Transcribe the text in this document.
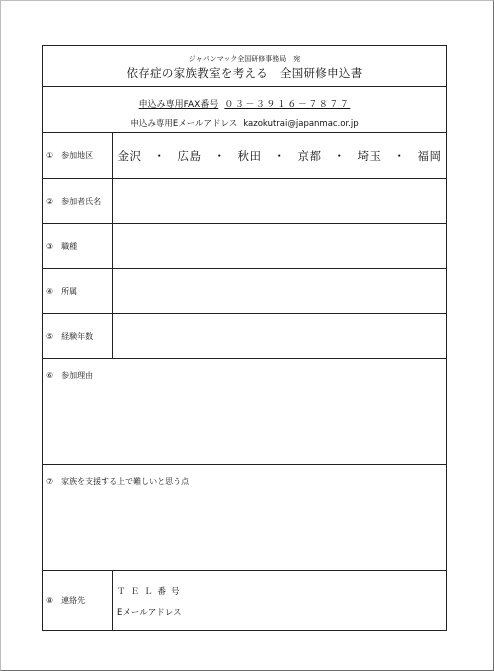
ジャパンマック全国研修事務局　宛
依存症の家族教室を考える　全国研修申込書
申込み専用FAX番号 ０３－３９１６－７８７７
申込み専用Eメールアドレス kazokutrai@japanmac.or.jp
①　参加地区	金沢　・　広島　・　秋田　・　京都　・　埼玉　・　福岡
②　参加者氏名
③　職種
④　所属
⑤　経験年数
⑥　参加理由
⑦　家族を支援する上で難しいと思う点
⑧　連絡先
ＴＥＬ番号
Eメールアドレス
